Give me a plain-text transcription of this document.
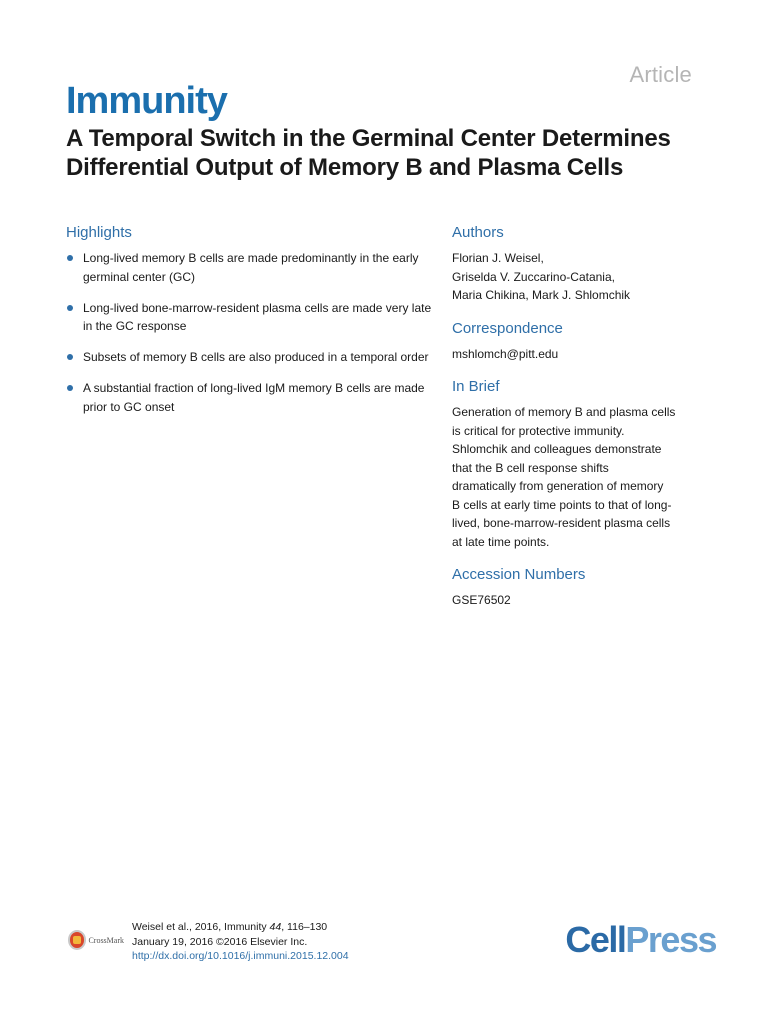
Article
Immunity
A Temporal Switch in the Germinal Center Determines Differential Output of Memory B and Plasma Cells
Highlights
Long-lived memory B cells are made predominantly in the early germinal center (GC)
Long-lived bone-marrow-resident plasma cells are made very late in the GC response
Subsets of memory B cells are also produced in a temporal order
A substantial fraction of long-lived IgM memory B cells are made prior to GC onset
Authors
Florian J. Weisel,
Griselda V. Zuccarino-Catania,
Maria Chikina, Mark J. Shlomchik
Correspondence
mshlomch@pitt.edu
In Brief
Generation of memory B and plasma cells
is critical for protective immunity.
Shlomchik and colleagues demonstrate
that the B cell response shifts
dramatically from generation of memory
B cells at early time points to that of long-
lived, bone-marrow-resident plasma cells
at late time points.
Accession Numbers
GSE76502
CrossMark
Weisel et al., 2016, Immunity 44, 116–130
January 19, 2016 ©2016 Elsevier Inc.
http://dx.doi.org/10.1016/j.immuni.2015.12.004	CellPress
